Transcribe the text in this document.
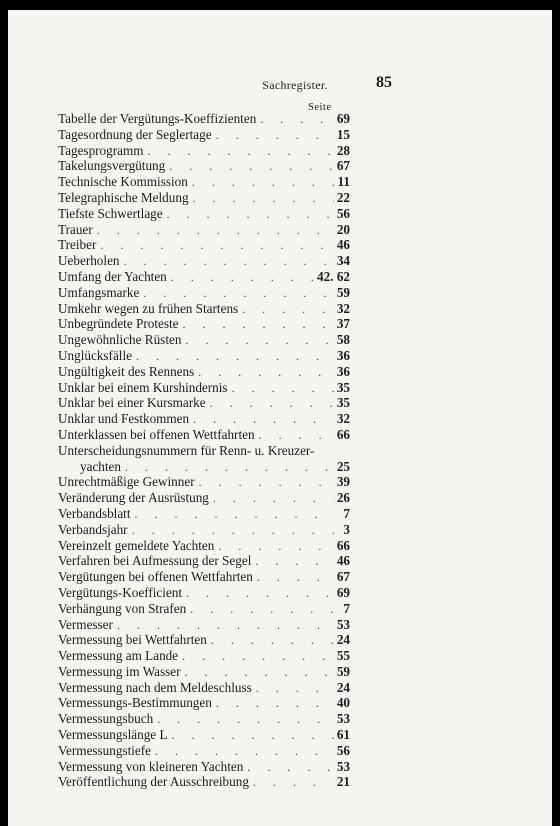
Sachregister.	85
Seite
Tabelle der Vergütungs-Koeffizienten . . .	69
Tagesordnung der Seglertage . . .	15
Tagesprogramm . . .	28
Takelungsvergütung . . .	67
Technische Kommission . . .	11
Telegraphische Meldung . . .	22
Tiefste Schwertlage . . .	56
Trauer . . .	20
Treiber . . .	46
Ueberholen . . .	34
Umfang der Yachten . . .	42. 62
Umfangsmarke . . .	59
Umkehr wegen zu frühen Startens . . .	32
Unbegründete Proteste . . .	37
Ungewöhnliche Rüsten . . .	58
Unglücksfälle . . .	36
Ungültigkeit des Rennens . . .	36
Unklar bei einem Kurshindernis . . .	35
Unklar bei einer Kursmarke . . .	35
Unklar und Festkommen . . .	32
Unterklassen bei offenen Wettfahrten . . .	66
Unterscheidungsnummern für Renn- u. Kreuzer-
yachten . . .	25
Unrechtmäßige Gewinner . . .	39
Veränderung der Ausrüstung . . .	26
Verbandsblatt . . .	7
Verbandsjahr . . .	3
Vereinzelt gemeldete Yachten . . .	66
Verfahren bei Aufmessung der Segel . . .	46
Vergütungen bei offenen Wettfahrten . . .	67
Vergütungs-Koefficient . . .	69
Verhängung von Strafen . . .	7
Vermesser . . .	53
Vermessung bei Wettfahrten . . .	24
Vermessung am Lande . . .	55
Vermessung im Wasser . . .	59
Vermessung nach dem Meldeschluss . . .	24
Vermessungs-Bestimmungen . . .	40
Vermessungsbuch . . .	53
Vermessungslänge L . . .	61
Vermessungstiefe . . .	56
Vermessung von kleineren Yachten . . .	53
Veröffentlichung der Ausschreibung . . .	21
